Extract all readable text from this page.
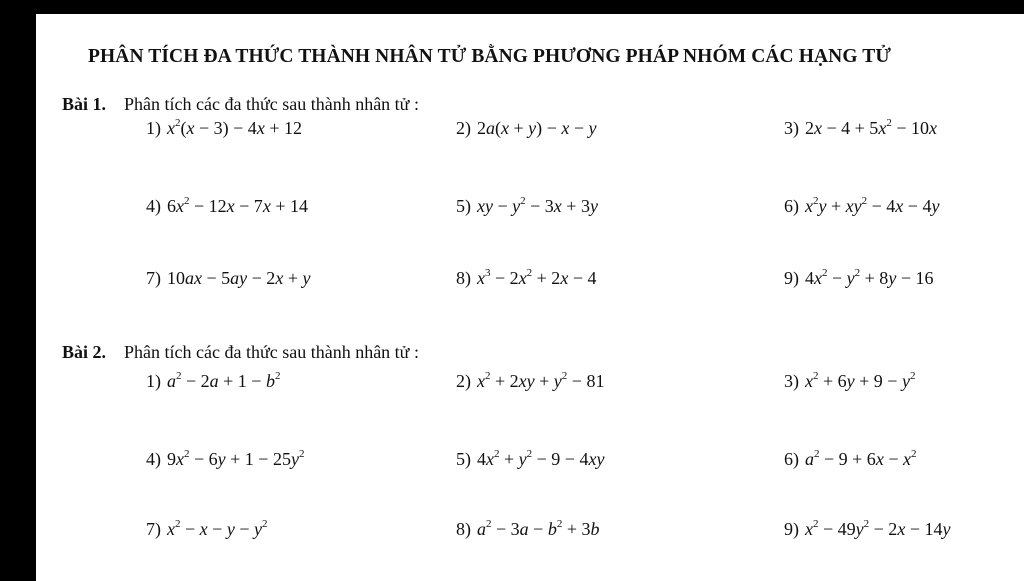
PHÂN TÍCH ĐA THỨC THÀNH NHÂN TỬ BẰNG PHƯƠNG PHÁP NHÓM CÁC HẠNG TỬ
Bài 1. Phân tích các đa thức sau thành nhân tử :
1) $x^2(x - 3) - 4x + 12$	2) 2a(x + y) − x − y	3) $2x - 4 + 5x^2 - 10x$
4) $6x^2 - 12x - 7x + 14$	5) xy − $y^2 - 3x + 3y$	6) $x^2y + xy^2 - 4x - 4y$
7) 10ax − 5ay − 2x + y	8) $x^3 - 2x^2 + 2x - 4$	9) $4x^2 - y^2 + 8y - 16$
Bài 2. Phân tích các đa thức sau thành nhân tử :
1) $a^2 - 2a + 1 - b^2$	2) $x^2 + 2xy + y^2 - 81$	3) $x^2 + 6y + 9 - y^2$
4) $9x^2 - 6y + 1 - 25y^2$	5) $4x^2 + y^2 - 9 - 4xy$	6) $a^2 - 9 + 6x - x^2$
7) $x^2 - x - y - y^2$	8) $a^2 - 3a - b^2 + 3b$	9) $x^2 - 49y^2 - 2x - 14y$
